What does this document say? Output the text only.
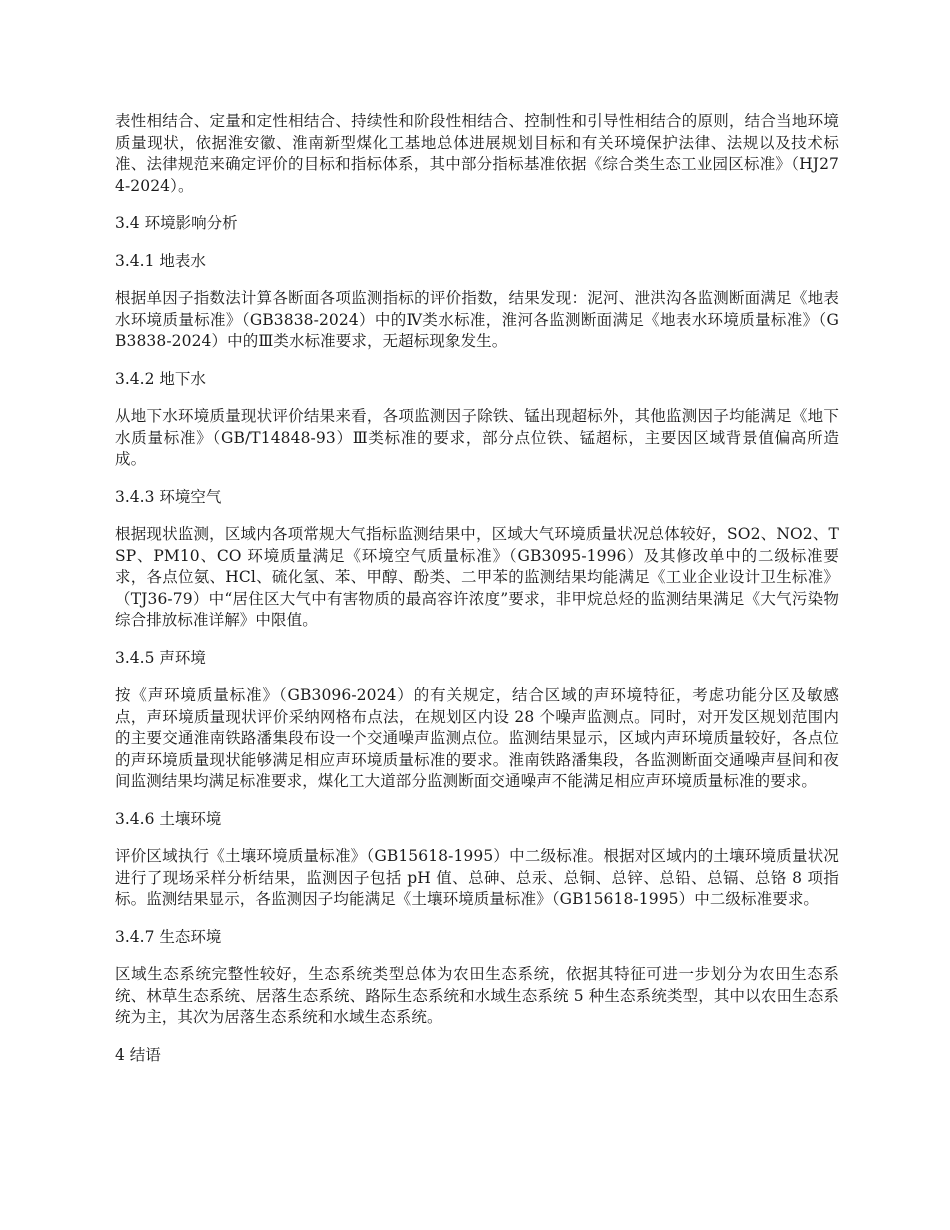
表性相结合、定量和定性相结合、持续性和阶段性相结合、控制性和引导性相结合的原则，结合当地环境质量现状，依据淮安徽、淮南新型煤化工基地总体进展规划目标和有关环境保护法律、法规以及技术标准、法律规范来确定评价的目标和指标体系，其中部分指标基准依据《综合类生态工业园区标准》（HJ274-2024）。

3.4 环境影响分析

3.4.1 地表水

根据单因子指数法计算各断面各项监测指标的评价指数，结果发现：泥河、泄洪沟各监测断面满足《地表水环境质量标准》（GB3838-2024）中的Ⅳ类水标准，淮河各监测断面满足《地表水环境质量标准》（GB3838-2024）中的Ⅲ类水标准要求，无超标现象发生。

3.4.2 地下水

从地下水环境质量现状评价结果来看，各项监测因子除铁、锰出现超标外，其他监测因子均能满足《地下水质量标准》（GB/T14848-93）Ⅲ类标准的要求，部分点位铁、锰超标，主要因区域背景值偏高所造成。

3.4.3 环境空气

根据现状监测，区域内各项常规大气指标监测结果中，区域大气环境质量状况总体较好，SO2、NO2、TSP、PM10、CO 环境质量满足《环境空气质量标准》（GB3095-1996）及其修改单中的二级标准要求，各点位氨、HCl、硫化氢、苯、甲醇、酚类、二甲苯的监测结果均能满足《工业企业设计卫生标准》（TJ36-79）中“居住区大气中有害物质的最高容许浓度”要求，非甲烷总烃的监测结果满足《大气污染物综合排放标准详解》中限值。

3.4.5 声环境

按《声环境质量标准》（GB3096-2024）的有关规定，结合区域的声环境特征，考虑功能分区及敏感点，声环境质量现状评价采纳网格布点法，在规划区内设 28 个噪声监测点。同时，对开发区规划范围内的主要交通淮南铁路潘集段布设一个交通噪声监测点位。监测结果显示，区域内声环境质量较好，各点位的声环境质量现状能够满足相应声环境质量标准的要求。淮南铁路潘集段，各监测断面交通噪声昼间和夜间监测结果均满足标准要求，煤化工大道部分监测断面交通噪声不能满足相应声环境质量标准的要求。

3.4.6 土壤环境

评价区域执行《土壤环境质量标准》（GB15618-1995）中二级标准。根据对区域内的土壤环境质量状况进行了现场采样分析结果，监测因子包括 pH 值、总砷、总汞、总铜、总锌、总铅、总镉、总铬 8 项指标。监测结果显示，各监测因子均能满足《土壤环境质量标准》（GB15618-1995）中二级标准要求。

3.4.7 生态环境

区域生态系统完整性较好，生态系统类型总体为农田生态系统，依据其特征可进一步划分为农田生态系统、林草生态系统、居落生态系统、路际生态系统和水域生态系统 5 种生态系统类型，其中以农田生态系统为主，其次为居落生态系统和水域生态系统。

4 结语
